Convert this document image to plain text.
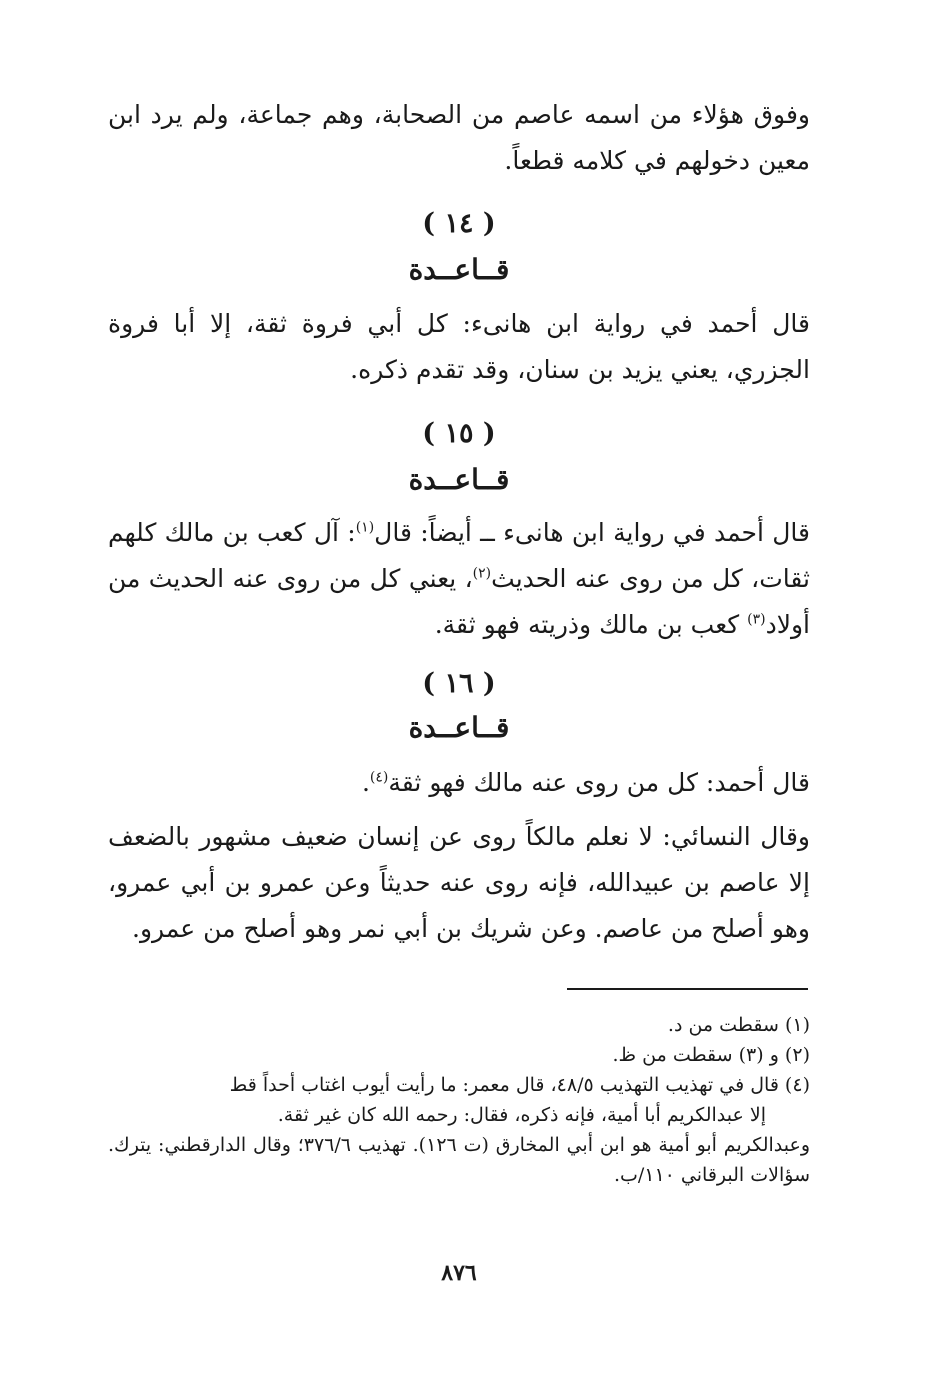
وفوق هؤلاء من اسمه عاصم من الصحابة، وهم جماعة، ولم يرد ابن معين دخولهم في كلامه قطعاً.

( ١٤ )
قــاعــدة

قال أحمد في رواية ابن هانىء: كل أبي فروة ثقة، إلا أبا فروة الجزري، يعني يزيد بن سنان، وقد تقدم ذكره.

( ١٥ )
قــاعــدة

قال أحمد في رواية ابن هانىء ــ أيضاً: قال$^{(١)}$: آل كعب بن مالك كلهم ثقات، كل من روى عنه الحديث$^{(٢)}$، يعني كل من روى عنه الحديث من أولاد$^{(٣)}$ كعب بن مالك وذريته فهو ثقة.

( ١٦ )
قــاعــدة

قال أحمد: كل من روى عنه مالك فهو ثقة$^{(٤)}$.

وقال النسائي: لا نعلم مالكاً روى عن إنسان ضعيف مشهور بالضعف إلا عاصم بن عبيدالله، فإنه روى عنه حديثاً وعن عمرو بن أبي عمرو، وهو أصلح من عاصم. وعن شريك بن أبي نمر وهو أصلح من عمرو.

(١) سقطت من د.

(٢) و (٣) سقطت من ظ.

(٤) قال في تهذيب التهذيب ٤٨/٥، قال معمر: ما رأيت أيوب اغتاب أحداً قط

إلا عبدالكريم أبا أمية، فإنه ذكره، فقال: رحمه الله كان غير ثقة.

وعبدالكريم أبو أمية هو ابن أبي المخارق (ت ١٢٦). تهذيب ٣٧٦/٦؛ وقال الدارقطني: يترك. سؤالات البرقاني ١١٠/ب.

٨٧٦
